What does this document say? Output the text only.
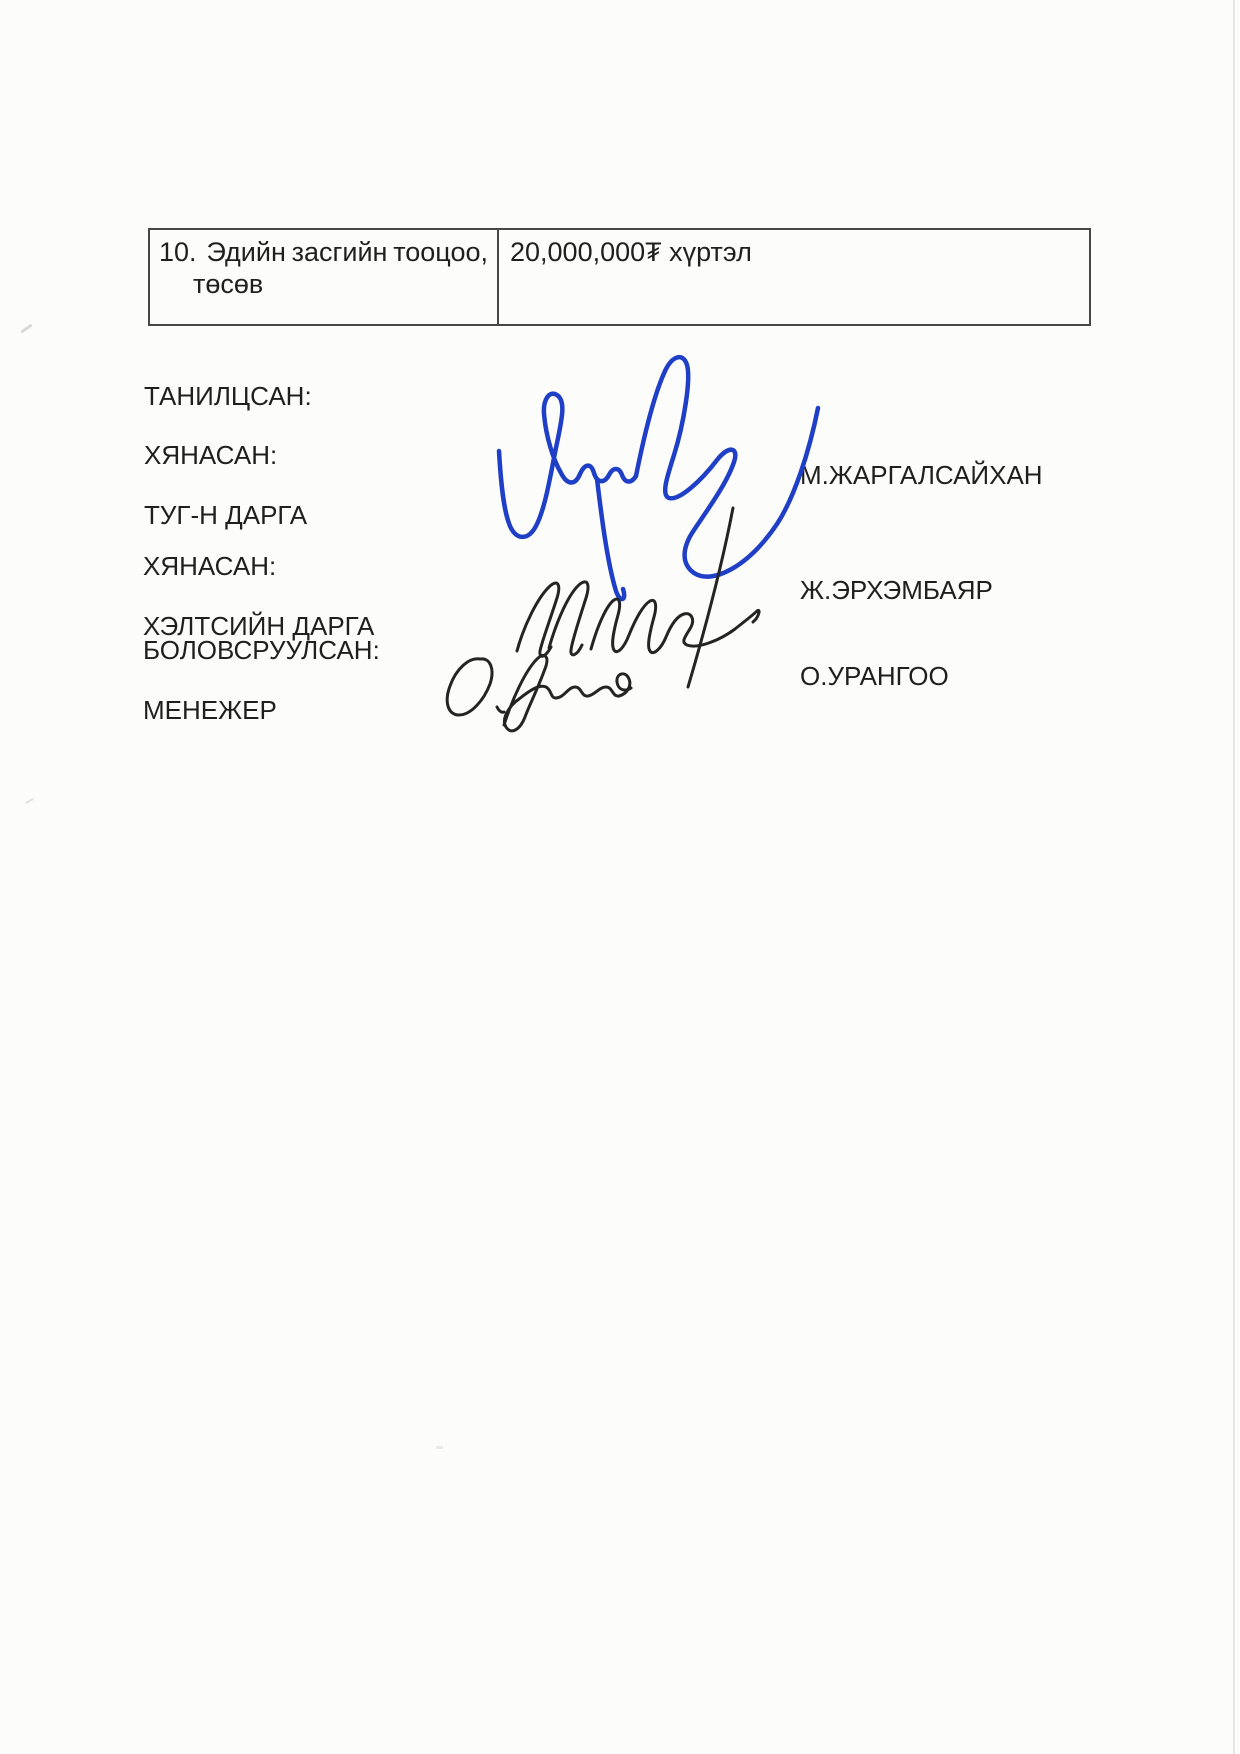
10. Эдийн засгийн тооцоо,
төсөв
20,000,000₮ хүртэл
ТАНИЛЦСАН:
ХЯНАСАН:

ТУГ-Н ДАРГА
М.ЖАРГАЛСАЙХАН
ХЯНАСАН:

ХЭЛТСИЙН ДАРГА
Ж.ЭРХЭМБАЯР
БОЛОВСРУУЛСАН:

МЕНЕЖЕР
О.УРАНГОО
